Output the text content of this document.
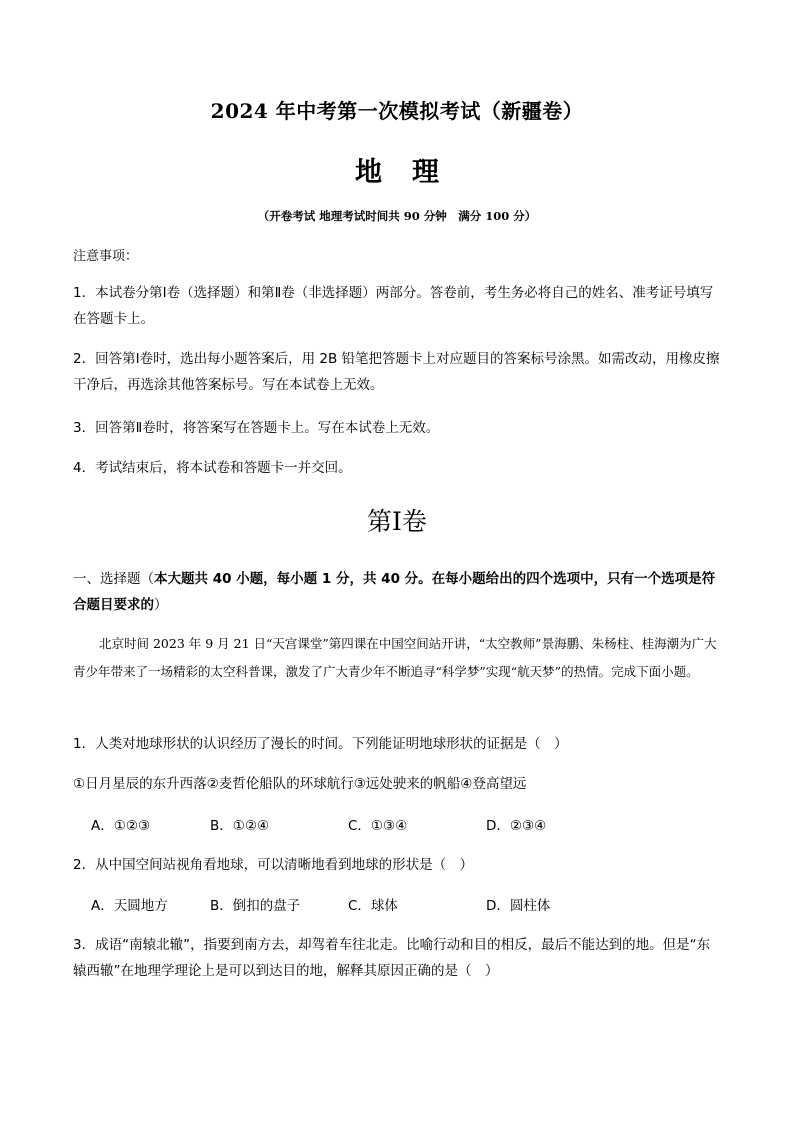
2024 年中考第一次模拟考试（新疆卷）
地理
（开卷考试 地理考试时间共 90 分钟　满分 100 分）
注意事项：
1．本试卷分第Ⅰ卷（选择题）和第Ⅱ卷（非选择题）两部分。答卷前，考生务必将自己的姓名、准考证号填写在答题卡上。
2．回答第Ⅰ卷时，选出每小题答案后，用 2B 铅笔把答题卡上对应题目的答案标号涂黑。如需改动，用橡皮擦干净后，再选涂其他答案标号。写在本试卷上无效。
3．回答第Ⅱ卷时，将答案写在答题卡上。写在本试卷上无效。
4．考试结束后，将本试卷和答题卡一并交回。
第Ⅰ卷
一、选择题（本大题共 40 小题，每小题 1 分，共 40 分。在每小题给出的四个选项中，只有一个选项是符合题目要求的）
北京时间 2023 年 9 月 21 日“天宫课堂”第四课在中国空间站开讲，“太空教师”景海鹏、朱杨柱、桂海潮为广大青少年带来了一场精彩的太空科普课，激发了广大青少年不断追寻“科学梦”实现“航天梦”的热情。完成下面小题。
1．人类对地球形状的认识经历了漫长的时间。下列能证明地球形状的证据是（　）
①日月星辰的东升西落②麦哲伦船队的环球航行③远处驶来的帆船④登高望远
A．①②③	B．①②④	C．①③④	D．②③④
2．从中国空间站视角看地球，可以清晰地看到地球的形状是（　）
A．天圆地方	B．倒扣的盘子	C．球体	D．圆柱体
3．成语“南辕北辙”，指要到南方去，却驾着车往北走。比喻行动和目的相反，最后不能达到的地。但是“东辕西辙”在地理学理论上是可以到达目的地，解释其原因正确的是（　）
